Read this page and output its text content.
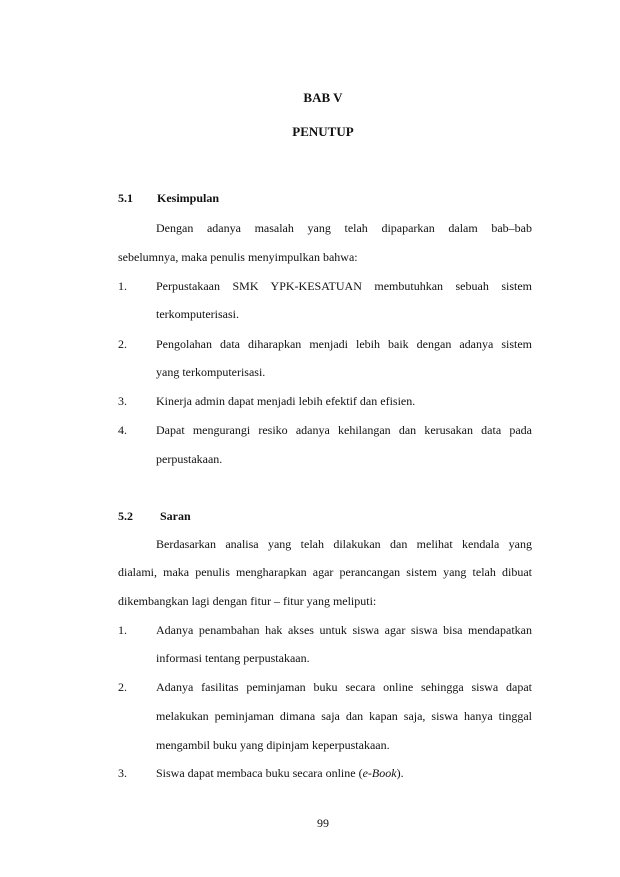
BAB V
PENUTUP
5.1 Kesimpulan
Dengan adanya masalah yang telah dipaparkan dalam bab–bab
sebelumnya, maka penulis menyimpulkan bahwa:
1. Perpustakaan SMK YPK-KESATUAN membutuhkan sebuah sistem
terkomputerisasi.
2. Pengolahan data diharapkan menjadi lebih baik dengan adanya sistem
yang terkomputerisasi.
3. Kinerja admin dapat menjadi lebih efektif dan efisien.
4. Dapat mengurangi resiko adanya kehilangan dan kerusakan data pada
perpustakaan.
5.2 Saran
Berdasarkan analisa yang telah dilakukan dan melihat kendala yang
dialami, maka penulis mengharapkan agar perancangan sistem yang telah dibuat
dikembangkan lagi dengan fitur – fitur yang meliputi:
1. Adanya penambahan hak akses untuk siswa agar siswa bisa mendapatkan
informasi tentang perpustakaan.
2. Adanya fasilitas peminjaman buku secara online sehingga siswa dapat
melakukan peminjaman dimana saja dan kapan saja, siswa hanya tinggal
mengambil buku yang dipinjam keperpustakaan.
3. Siswa dapat membaca buku secara online (e-Book).
99
